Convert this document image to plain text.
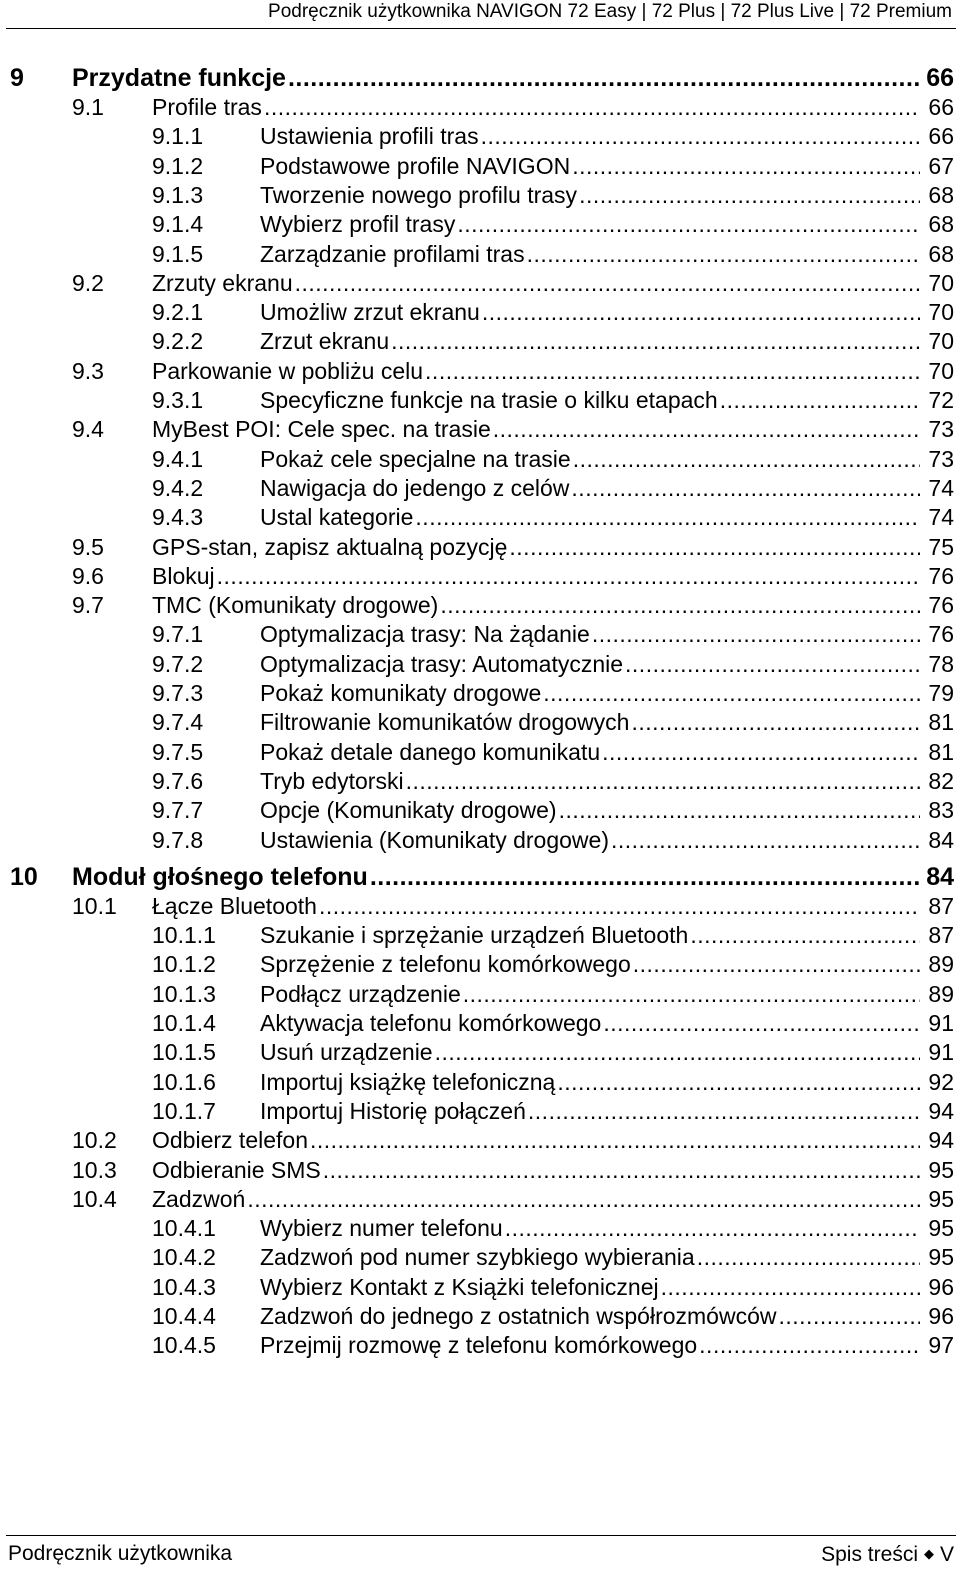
Podręcznik użytkownika NAVIGON 72 Easy | 72 Plus | 72 Plus Live | 72 Premium
9 Przydatne funkcje .....	66
9.1 Profile tras .....	66
9.1.1 Ustawienia profili tras .....	66
9.1.2 Podstawowe profile NAVIGON .....	67
9.1.3 Tworzenie nowego profilu trasy .....	68
9.1.4 Wybierz profil trasy .....	68
9.1.5 Zarządzanie profilami tras .....	68
9.2 Zrzuty ekranu .....	70
9.2.1 Umożliw zrzut ekranu .....	70
9.2.2 Zrzut ekranu .....	70
9.3 Parkowanie w pobliżu celu .....	70
9.3.1 Specyficzne funkcje na trasie o kilku etapach .....	72
9.4 MyBest POI: Cele spec. na trasie .....	73
9.4.1 Pokaż cele specjalne na trasie .....	73
9.4.2 Nawigacja do jedengo z celów .....	74
9.4.3 Ustal kategorie .....	74
9.5 GPS-stan, zapisz aktualną pozycję .....	75
9.6 Blokuj .....	76
9.7 TMC (Komunikaty drogowe) .....	76
9.7.1 Optymalizacja trasy: Na żądanie .....	76
9.7.2 Optymalizacja trasy: Automatycznie .....	78
9.7.3 Pokaż komunikaty drogowe .....	79
9.7.4 Filtrowanie komunikatów drogowych .....	81
9.7.5 Pokaż detale danego komunikatu .....	81
9.7.6 Tryb edytorski .....	82
9.7.7 Opcje (Komunikaty drogowe) .....	83
9.7.8 Ustawienia (Komunikaty drogowe) .....	84
10 Moduł głośnego telefonu .....	84
10.1 Łącze Bluetooth .....	87
10.1.1 Szukanie i sprzężanie urządzeń Bluetooth .....	87
10.1.2 Sprzężenie z telefonu komórkowego .....	89
10.1.3 Podłącz urządzenie .....	89
10.1.4 Aktywacja telefonu komórkowego .....	91
10.1.5 Usuń urządzenie .....	91
10.1.6 Importuj książkę telefoniczną .....	92
10.1.7 Importuj Historię połączeń .....	94
10.2 Odbierz telefon .....	94
10.3 Odbieranie SMS .....	95
10.4 Zadzwoń .....	95
10.4.1 Wybierz numer telefonu .....	95
10.4.2 Zadzwoń pod numer szybkiego wybierania .....	95
10.4.3 Wybierz Kontakt z Książki telefonicznej .....	96
10.4.4 Zadzwoń do jednego z ostatnich współrozmówców .....	96
10.4.5 Przejmij rozmowę z telefonu komórkowego .....	97
Podręcznik użytkownika	Spis treści ◆ V
